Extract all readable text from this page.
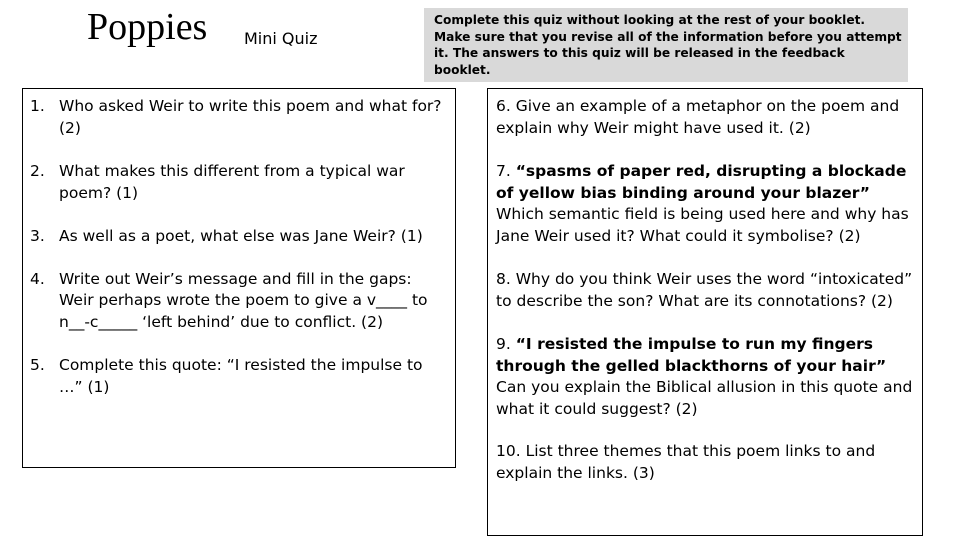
Poppies Mini Quiz
Complete this quiz without looking at the rest of your booklet. Make sure that you revise all of the information before you attempt it. The answers to this quiz will be released in the feedback booklet.

1. Who asked Weir to write this poem and what for? (2)

2. What makes this different from a typical war poem? (1)

3. As well as a poet, what else was Jane Weir? (1)

4. Write out Weir’s message and fill in the gaps: Weir perhaps wrote the poem to give a v____ to n__-c_____ ‘left behind’ due to conflict. (2)

5. Complete this quote: “I resisted the impulse to …” (1)

6. Give an example of a metaphor on the poem and explain why Weir might have used it. (2)

7. “spasms of paper red, disrupting a blockade of yellow bias binding around your blazer”
Which semantic field is being used here and why has Jane Weir used it? What could it symbolise? (2)

8. Why do you think Weir uses the word “intoxicated” to describe the son? What are its connotations? (2)

9. “I resisted the impulse to run my fingers through the gelled blackthorns of your hair”
Can you explain the Biblical allusion in this quote and what it could suggest? (2)

10. List three themes that this poem links to and explain the links. (3)
